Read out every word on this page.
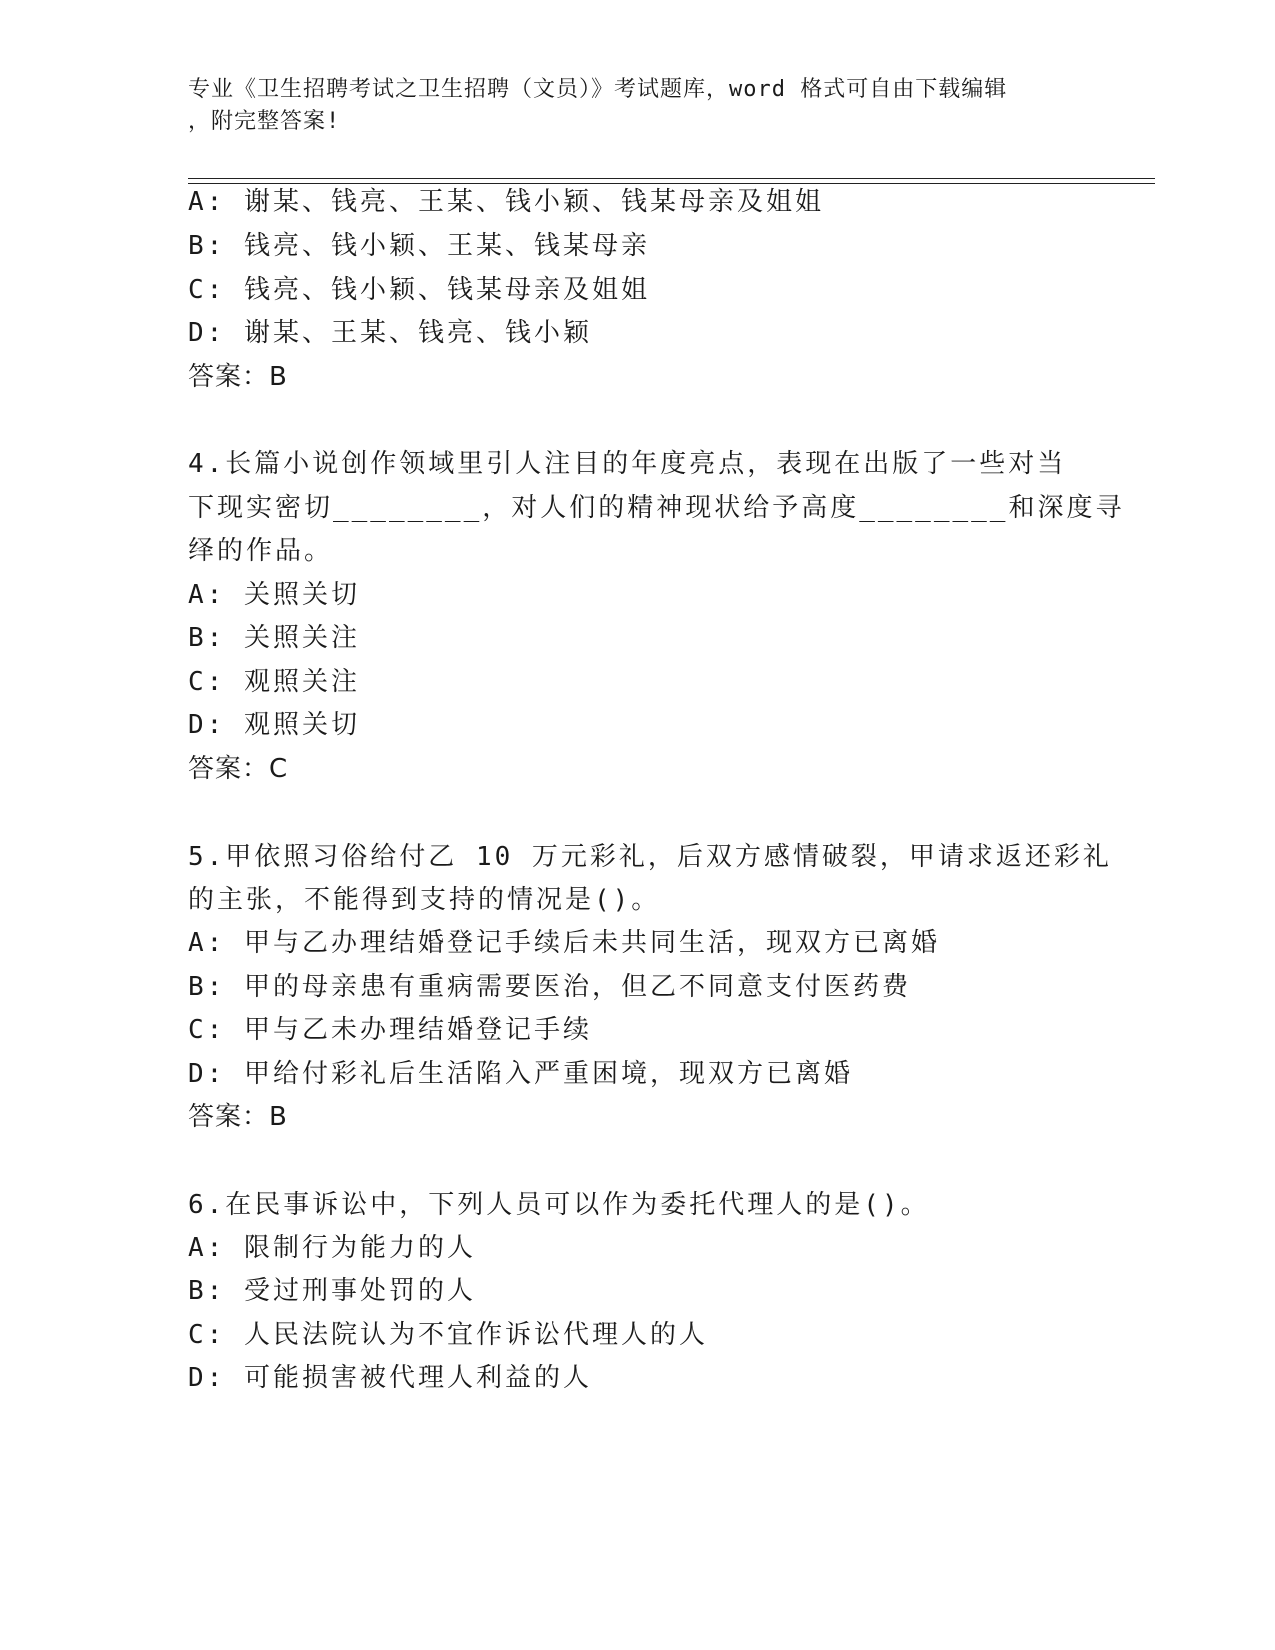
专业《卫生招聘考试之卫生招聘（文员）》考试题库，word 格式可自由下载编辑
，附完整答案!
A: 谢某、钱亮、王某、钱小颖、钱某母亲及姐姐
B: 钱亮、钱小颖、王某、钱某母亲
C: 钱亮、钱小颖、钱某母亲及姐姐
D: 谢某、王某、钱亮、钱小颖
答案：B
4.长篇小说创作领域里引人注目的年度亮点，表现在出版了一些对当
下现实密切________，对人们的精神现状给予高度________和深度寻
绎的作品。
A: 关照关切
B: 关照关注
C: 观照关注
D: 观照关切
答案：C
5.甲依照习俗给付乙 10 万元彩礼，后双方感情破裂，甲请求返还彩礼
的主张，不能得到支持的情况是()。
A: 甲与乙办理结婚登记手续后未共同生活，现双方已离婚
B: 甲的母亲患有重病需要医治，但乙不同意支付医药费
C: 甲与乙未办理结婚登记手续
D: 甲给付彩礼后生活陷入严重困境，现双方已离婚
答案：B
6.在民事诉讼中，下列人员可以作为委托代理人的是()。
A: 限制行为能力的人
B: 受过刑事处罚的人
C: 人民法院认为不宜作诉讼代理人的人
D: 可能损害被代理人利益的人
